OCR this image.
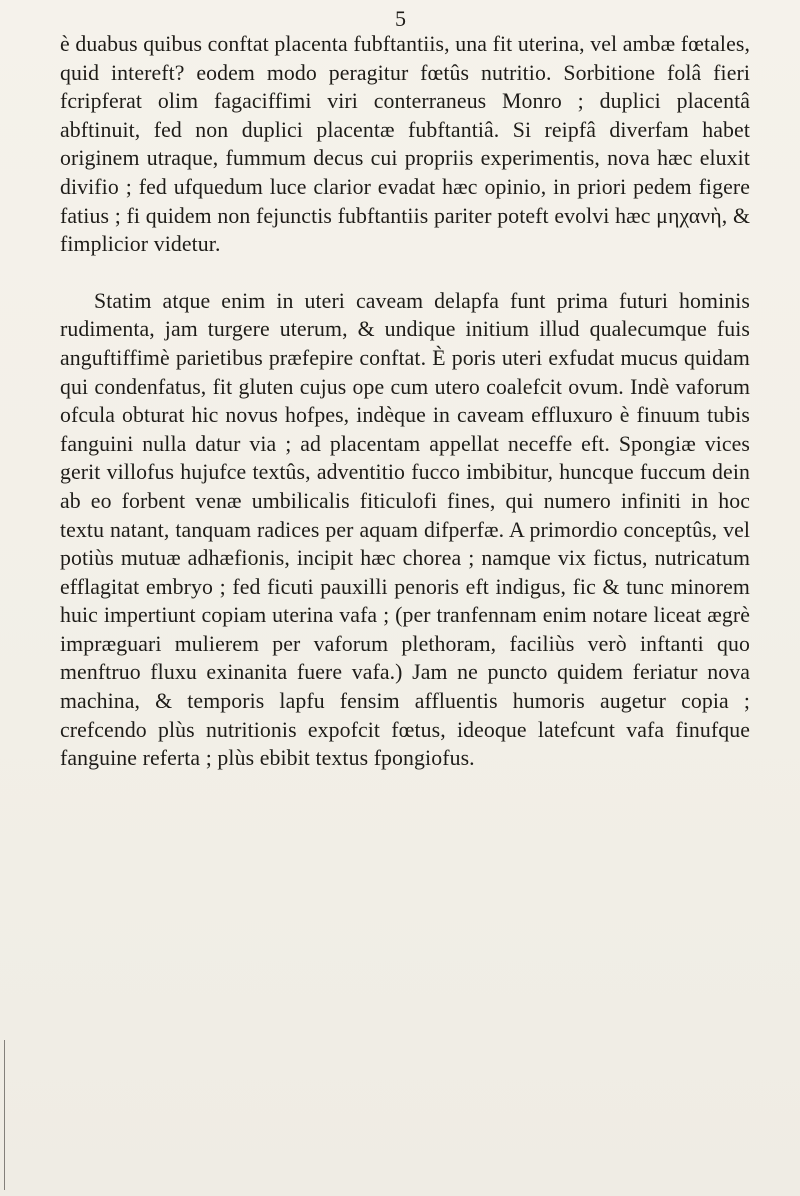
5

è duabus quibus conftat placenta fubftantiis, una fit uterina, vel ambæ fœtales, quid intereft? eodem modo peragitur fœtûs nutritio. Sorbitione folâ fieri fcripferat olim fagaciffimi viri conterraneus Monro ; duplici placentâ abftinuit, fed non duplici placentæ fubftantiâ. Si reipfâ diverfam habet originem utraque, fummum decus cui propriis experimentis, nova hæc eluxit divifio ; fed ufquedum luce clarior evadat hæc opinio, in priori pedem figere fatius ; fi quidem non fejunctis fubftantiis pariter poteft evolvi hæc μηχανὴ, & fimplicior videtur.

Statim atque enim in uteri caveam delapfa funt prima futuri hominis rudimenta, jam turgere uterum, & undique initium illud qualecumque fuis anguftiffimè parietibus præfepire conftat. È poris uteri exfudat mucus quidam qui condenfatus, fit gluten cujus ope cum utero coalefcit ovum. Indè vaforum ofcula obturat hic novus hofpes, indèque in caveam effluxuro è finuum tubis fanguini nulla datur via ; ad placentam appellat neceffe eft. Spongiæ vices gerit villofus hujufce textûs, adventitio fucco imbibitur, huncque fuccum dein ab eo forbent venæ umbilicalis fiticulofi fines, qui numero infiniti in hoc textu natant, tanquam radices per aquam difperfæ. A primordio conceptûs, vel potiùs mutuæ adhæfionis, incipit hæc chorea ; namque vix fictus, nutricatum efflagitat embryo ; fed ficuti pauxilli penoris eft indigus, fic & tunc minorem huic impertiunt copiam uterina vafa ; (per tranfennam enim notare liceat ægrè impræguari mulierem per vaforum plethoram, faciliùs verò inftanti quo menftruo fluxu exinanita fuere vafa.) Jam ne puncto quidem feriatur nova machina, & temporis lapfu fensim affluentis humoris augetur copia ; crefcendo plùs nutritionis expofcit fœtus, ideoque latefcunt vafa finufque fanguine referta ; plùs ebibit textus fpongiofus.
